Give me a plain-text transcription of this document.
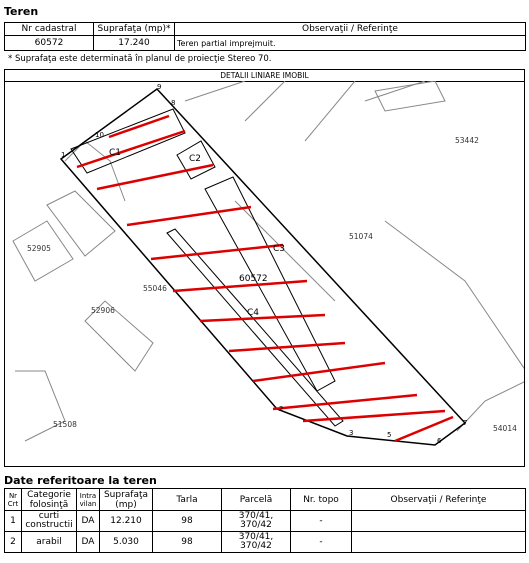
Teren
Nr cadastral	Suprafaţa (mp)*	Observaţii / Referinţe
60572	17.240	Teren partial imprejmuit.
* Suprafaţa este determinată în planul de proiecţie Stereo 70.
DETALII LINIARE IMOBIL
53442
51074
52905
55046
52906
51508	54014
60572
C1
C2
C3
C4
1
2
3	5
6
7
8
9
10
Date referitoare la teren
Nr Crt	Categorie folosinţă	Intra vilan	Suprafaţa (mp)	Tarla	Parcelă	Nr. topo	Observaţii / Referinţe
1	curti constructii	DA	12.210	98	370/41, 370/42	-	
2	arabil	DA	5.030	98	370/41, 370/42	-	
